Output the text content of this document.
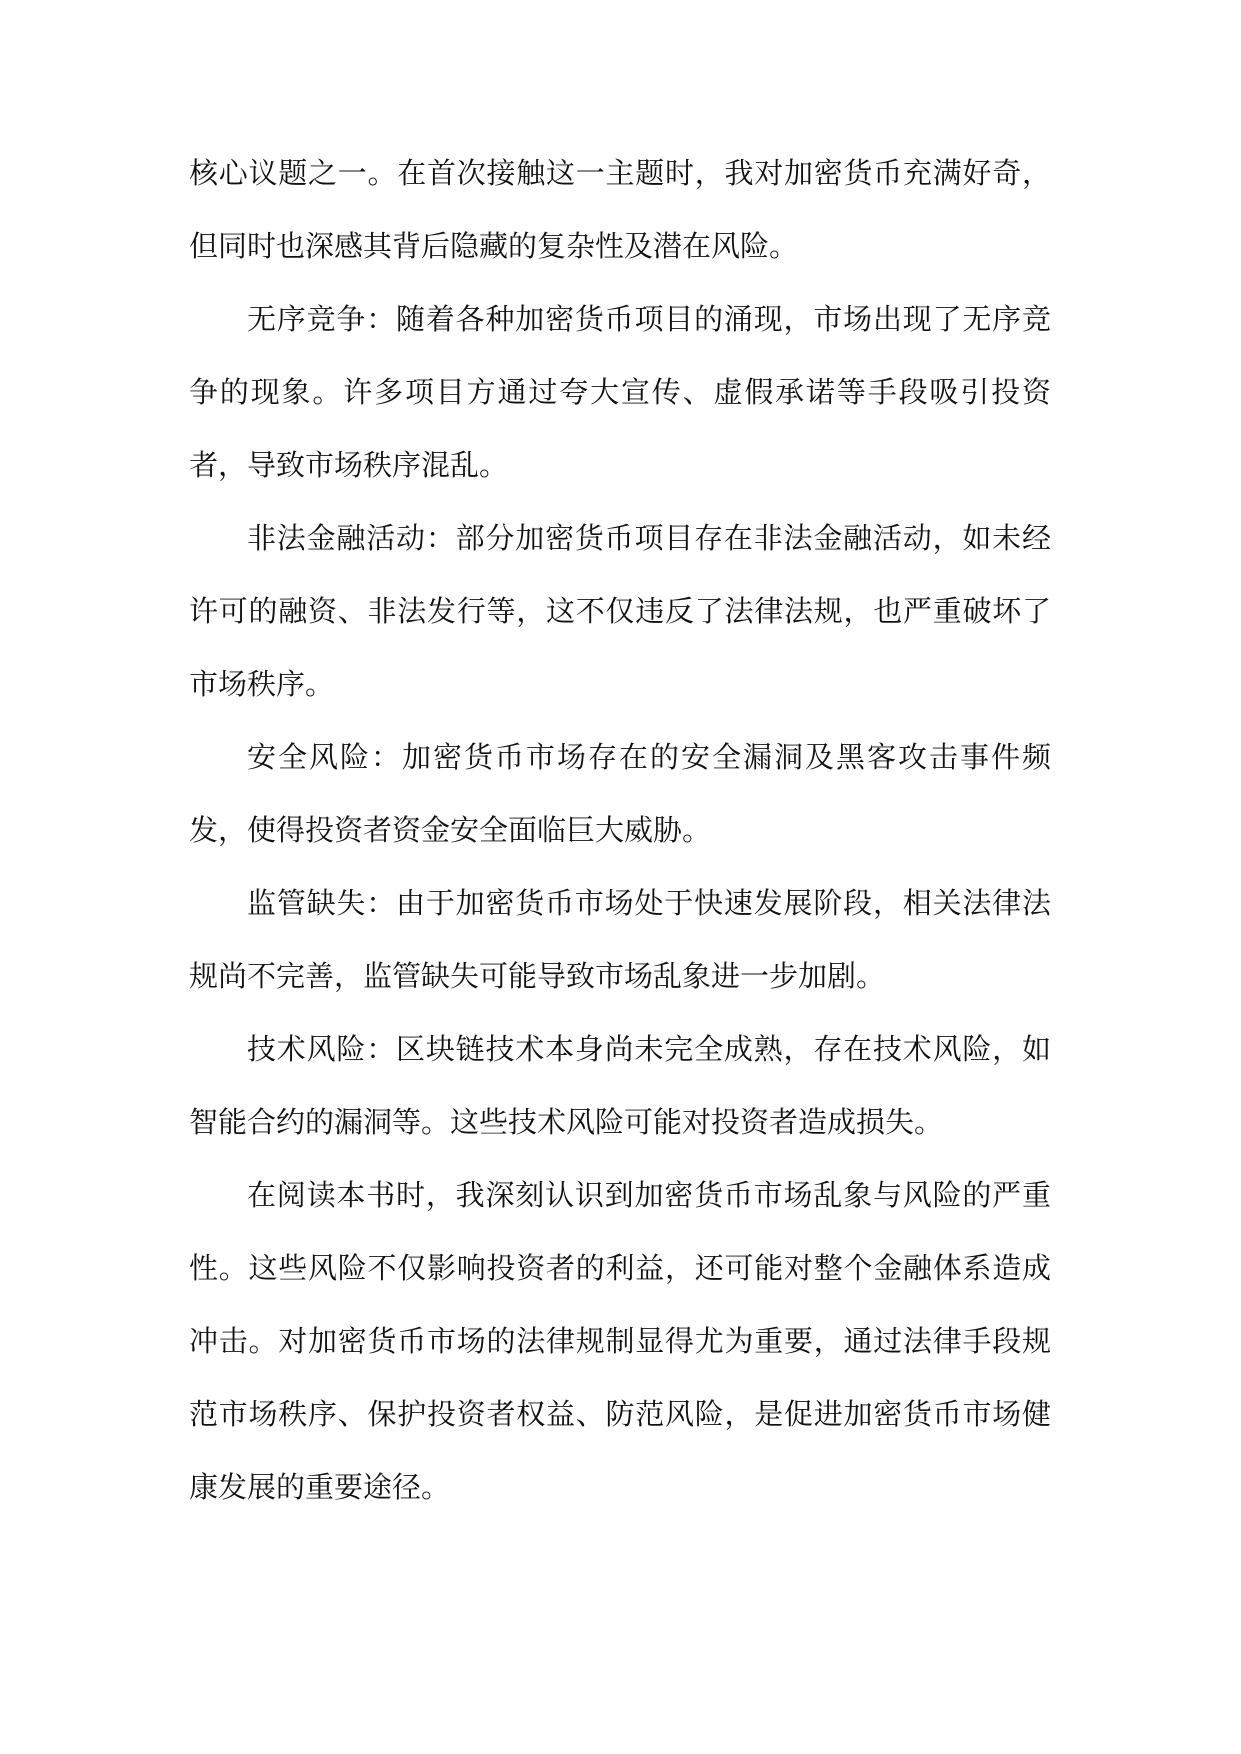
核心议题之一。在首次接触这一主题时，我对加密货币充满好奇，但同时也深感其背后隐藏的复杂性及潜在风险。

无序竞争：随着各种加密货币项目的涌现，市场出现了无序竞争的现象。许多项目方通过夸大宣传、虚假承诺等手段吸引投资者，导致市场秩序混乱。

非法金融活动：部分加密货币项目存在非法金融活动，如未经许可的融资、非法发行等，这不仅违反了法律法规，也严重破坏了市场秩序。

安全风险：加密货币市场存在的安全漏洞及黑客攻击事件频发，使得投资者资金安全面临巨大威胁。

监管缺失：由于加密货币市场处于快速发展阶段，相关法律法规尚不完善，监管缺失可能导致市场乱象进一步加剧。

技术风险：区块链技术本身尚未完全成熟，存在技术风险，如智能合约的漏洞等。这些技术风险可能对投资者造成损失。

在阅读本书时，我深刻认识到加密货币市场乱象与风险的严重性。这些风险不仅影响投资者的利益，还可能对整个金融体系造成冲击。对加密货币市场的法律规制显得尤为重要，通过法律手段规范市场秩序、保护投资者权益、防范风险，是促进加密货币市场健康发展的重要途径。
